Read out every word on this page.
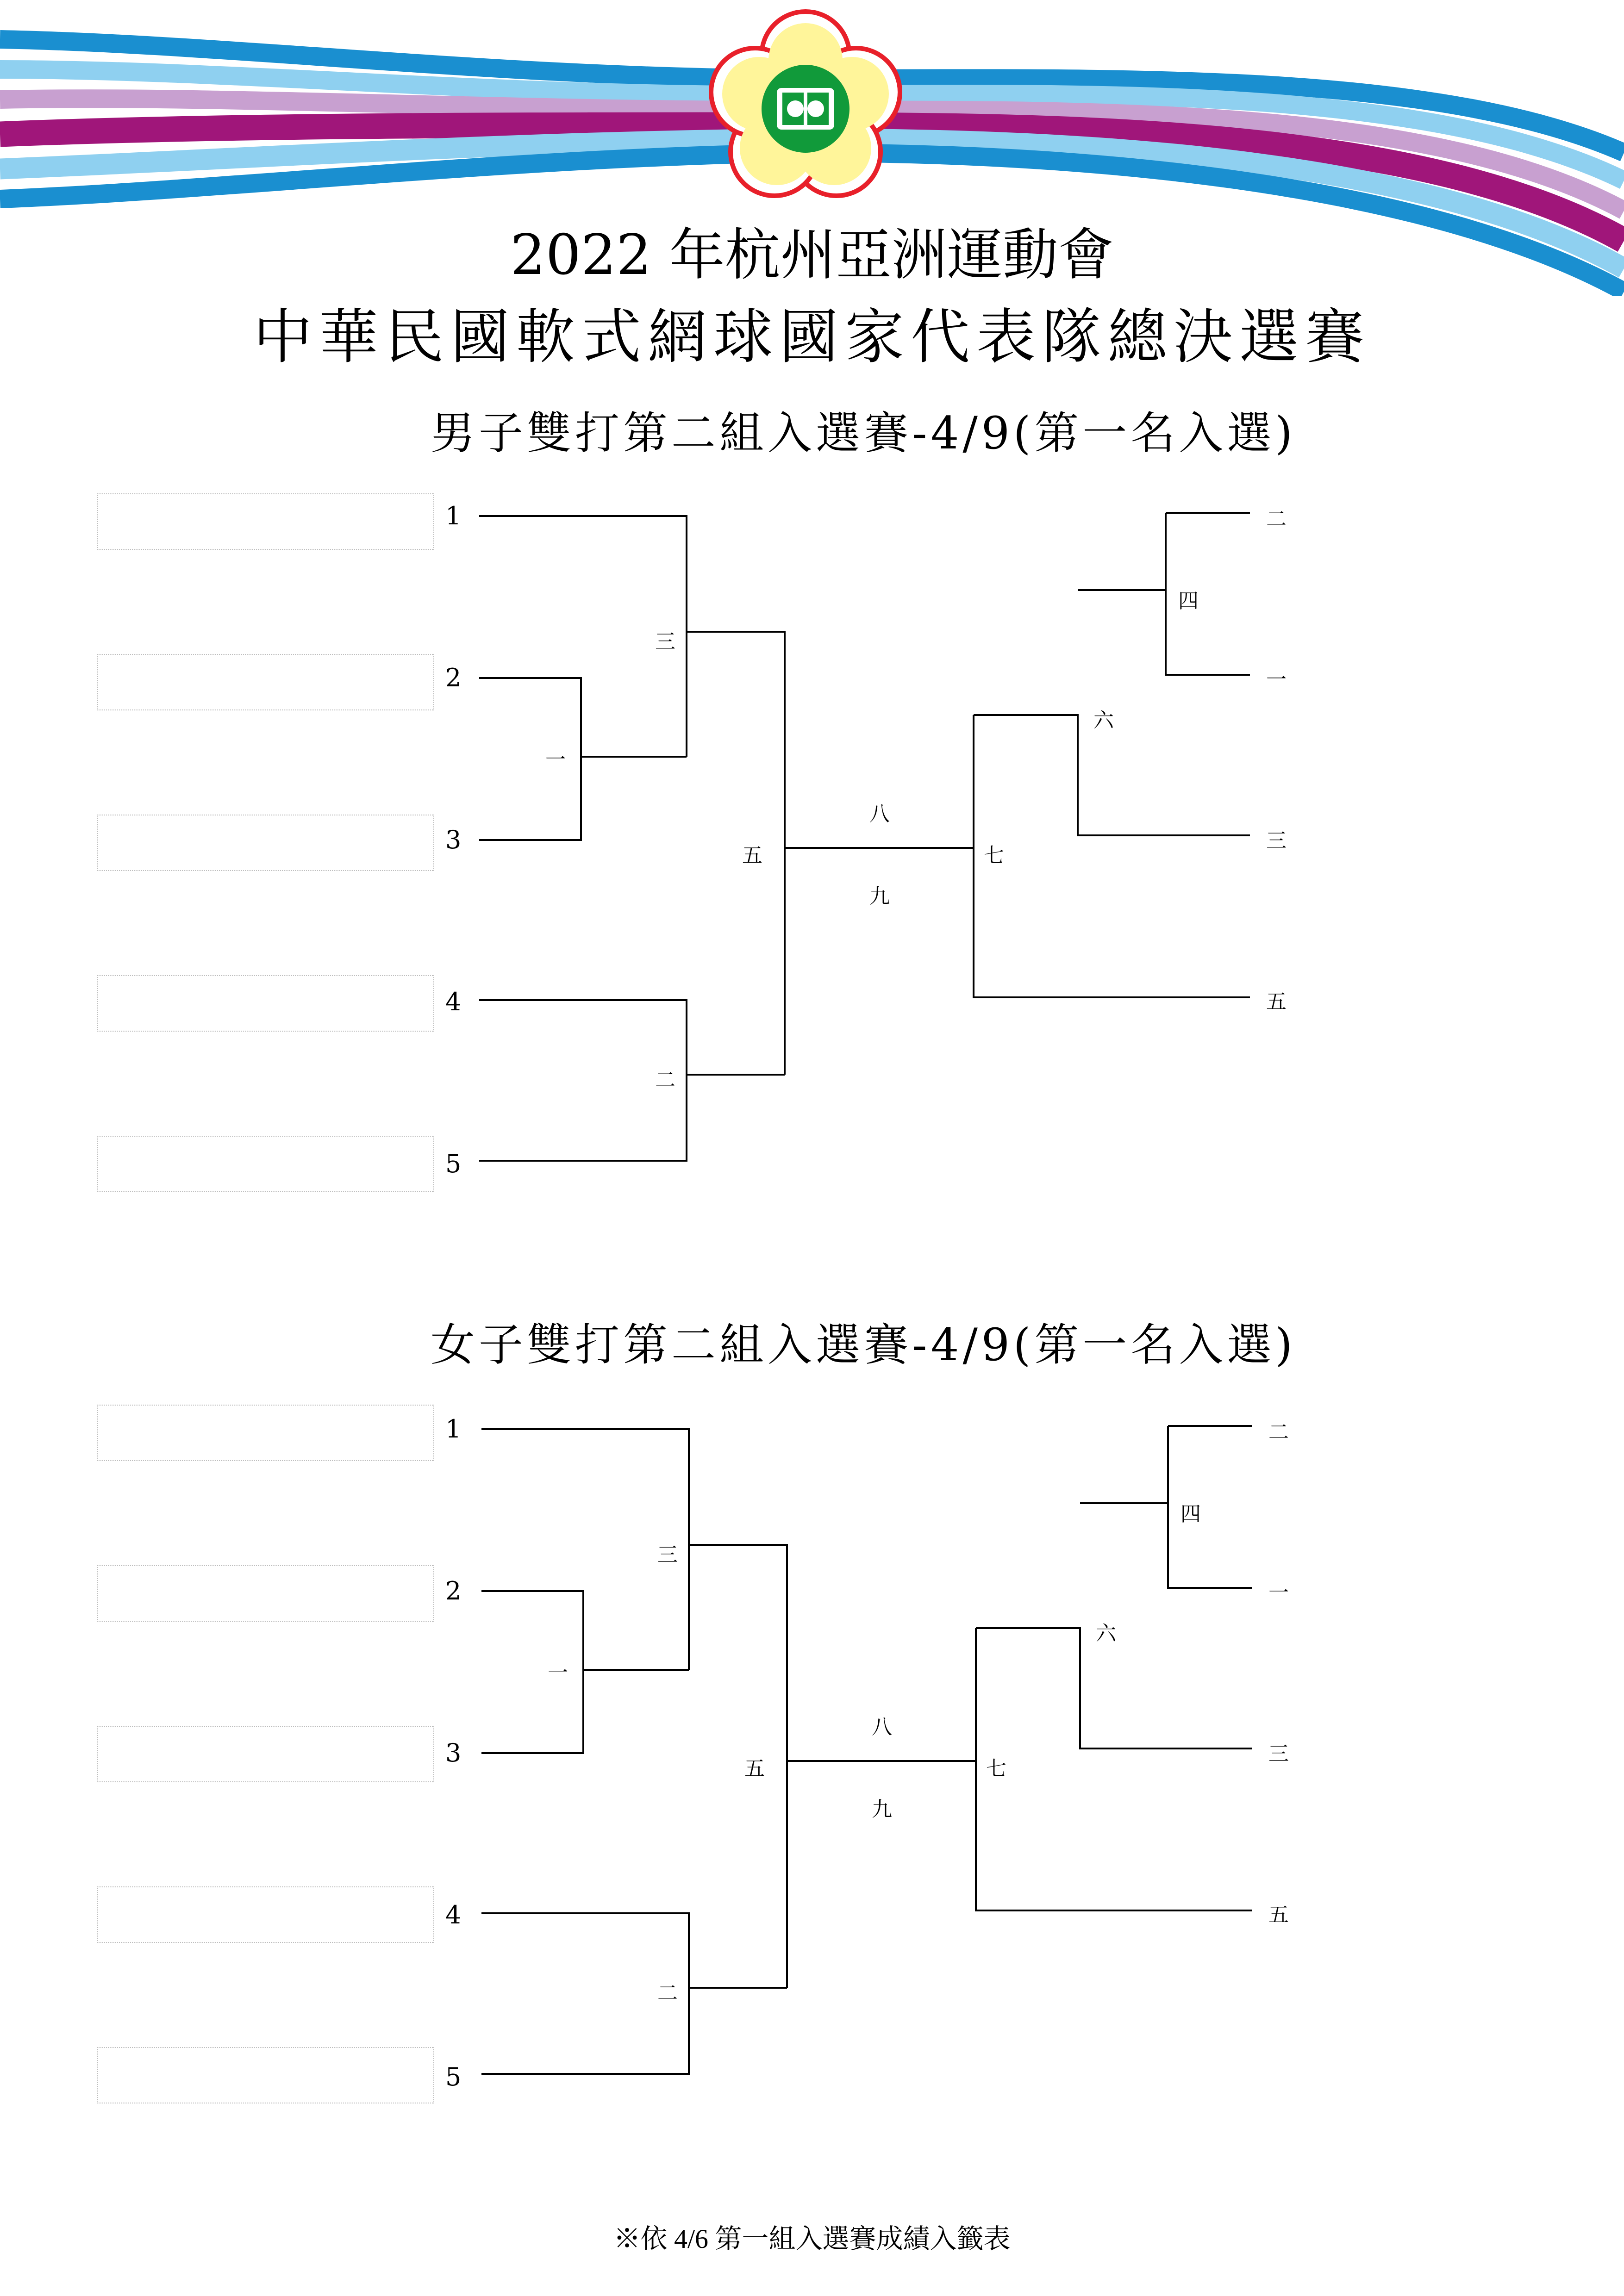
2022 年杭州亞洲運動會
中華民國軟式網球國家代表隊總決選賽
男子雙打第二組入選賽-4/9(第一名入選)
1
2
3
4
5
一
二
三
五
八
九
四
六
七
二
一
三
五
女子雙打第二組入選賽-4/9(第一名入選)
1
2
3
4
5
一
二
三
五
八
九
四
六
七
二
一
三
五
※依 4/6 第一組入選賽成績入籤表
